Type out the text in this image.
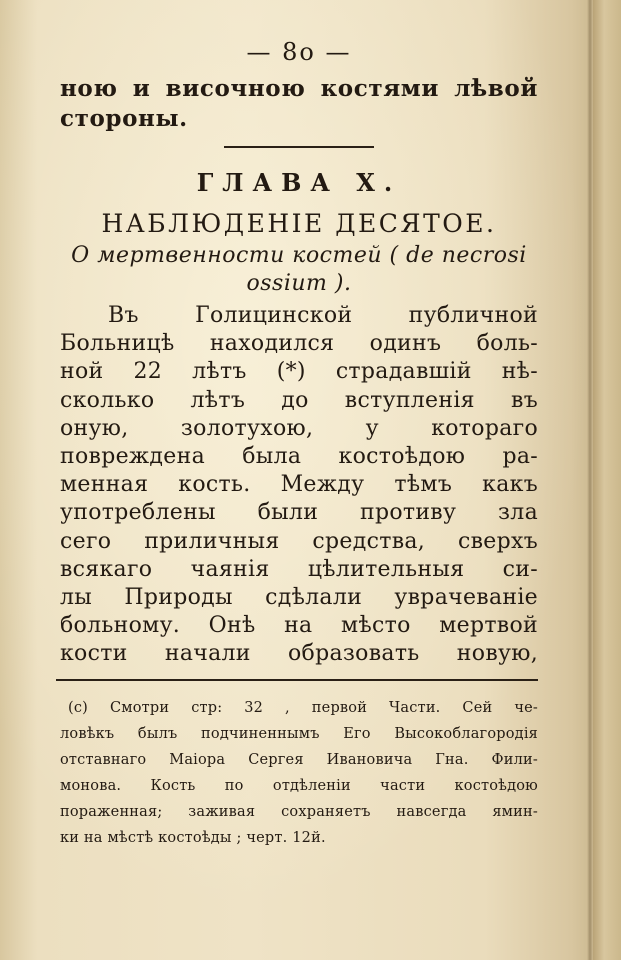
— 8о —
ною и височною костями лѣвой
стороны.
ГЛАВА X.
НАБЛЮДЕНIЕ ДЕСЯТОЕ.
О мертвенности костей ( de necrosi
ossium ).
Въ Голицинской публичной
Больницѣ находился одинъ боль-
ной 22 лѣтъ (*) страдавшiй нѣ-
сколько лѣтъ до вступленiя въ
оную, золотухою, у котораго
повреждена была костоѣдою ра-
менная кость. Между тѣмъ какъ
употреблены были противу зла
сего приличныя средства, сверхъ
всякаго чаянiя цѣлительныя си-
лы Природы сдѣлали уврачеванiе
больному. Онѣ на мѣсто мертвой
кости начали образовать новую,
(с) Смотри стр: 32 , первой Части. Сей че-
ловѣкъ былъ подчиненнымъ Его Высокоблагородiя
отставнаго Маiора Сергея Ивановича Гна. Фили-
монова. Кость по отдѣленiи части костоѣдою
пораженная; заживая сохраняетъ навсегда ямин-
ки на мѣстѣ костоѣды ; черт. 12й.
